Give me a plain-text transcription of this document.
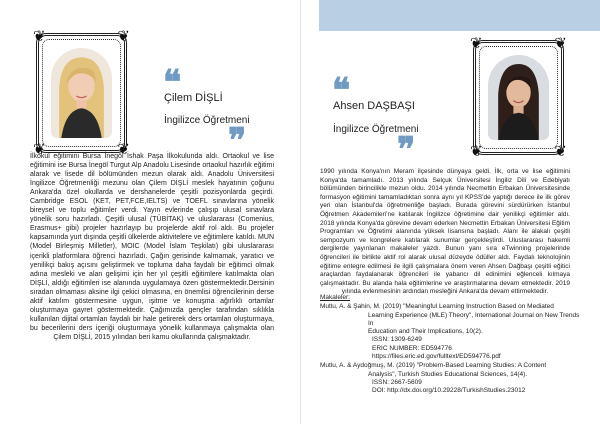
❦	❦
❦	❦
❝
Çilem DİŞLİ
İngilizce Öğretmeni
❞

İlkokul eğitimini Bursa İnegöl İshak Paşa İlkokulunda aldı. Ortaokul ve lise eğitimini ise Bursa İnegöl Turgut Alp Anadolu Lisesinde ortaokul hazırlık eğitimi alarak ve lisede dil bölümünden mezun olarak aldı. Anadolu Üniversitesi İngilizce Öğretmenliği mezunu olan Çilem DİŞLİ meslek hayatının çoğunu Ankara'da özel okullarda ve dershanelerde çeşitli pozisyonlarda geçirdi. Cambridge ESOL (KET, PET,FCE,IELTS) ve TOEFL sınavlarına yönelik bireysel ve toplu eğitimler verdi. Yayın evlerinde çalışıp ulusal sınavlara yönelik soru hazırladı. Çeşitli ulusal (TÜBİTAK) ve uluslararası (Comenius, Erasmus+ gibi) projeler hazırlayıp bu projelerde aktif rol aldı. Bu projeler kapsamında yurt dışında çeşitli ülkelerde aktivitelere ve eğitimlere katıldı. MUN (Model Birleşmiş Milletler), MOIC (Model İslam Teşkilatı) gibi uluslararası içerikli platformlara öğrenci hazırladı. Çağın gerisinde kalmamak, yaratıcı ve yenilikçi bakış açısını geliştirmek ve topluma daha faydalı bir eğitimci olmak adına mesleki ve alan gelişimi için her yıl çeşitli eğitimlere katılmakta olan DİŞLİ, aldığı eğitimleri ise alanında uygulamaya özen göstermektedir.Dersinin sıradan olmaması aksine ilgi çekici olmasına, en önemlisi öğrencilerinin derse aktif katılım göstermesine uygun, işitme ve konuşma ağırlıklı ortamlar oluşturmaya gayret göstermektedir. Çağımızda gençler tarafından sıklıkla kullanılan dijital ortamları faydalı bir hale getirerek ders ortamları oluşturmaya, bu becerilerini ders içeriği oluşturmaya yönelik kullanmaya çalışmakta olan Çilem DİŞLİ, 2015 yılından beri kamu okullarında çalışmaktadır.

❦	❦
❦	❦
❝
Ahsen DAŞBAŞI
İngilizce Öğretmeni
❞

1990 yılında Konya'nın Meram ilçesinde dünyaya geldi. İlk, orta ve lise eğitimini Konya'da tamamladı. 2013 yılında Selçuk Üniversitesi İngiliz Dili ve Edebiyatı bölümünden birincilikle mezun oldu. 2014 yılında Necmettin Erbakan Üniversitesinde formasyon eğitimini tamamladıktan sonra aynı yıl KPSS'de yaptığı derece ile ilk görev yeri olan İstanbul'da öğretmenliğe başladı. Burada görevini sürdürürken İstanbul Öğretmen Akademileri'ne katılarak İngilizce öğretimine dair yenilikçi eğitimler aldı. 2018 yılında Konya'da görevine devam ederken Necmettin Erbakan Üniversitesi Eğitim Programları ve Öğretimi alanında yüksek lisansına başladı. Alanı ile alakalı çeşitli sempozyum ve kongrelere katılarak sunumlar gerçekleştirdi. Uluslararası hakemli dergilerde yayınlanan makaleler yazdı. Bunun yanı sıra eTwinning projelerinde öğrencileri ile birlikte aktif rol alarak ulusal düzeyde ödüller aldı. Faydalı teknolojinin eğitime entegre edilmesi ile ilgili çalışmalara önem veren Ahsen Dağbaşı çeşitli eğitici araçlardan faydalanarak öğrencileri ile yabancı dil edinimini eğlenceli kılmaya çalışmaktadır. Bu alanda hala eğitimlerine ve araştırmalarına devam etmektedir. 2019 yılında evlenmesinin ardından mesleğini Ankara'da devam ettirmektedir.

Makaleler:
Mutlu, A. & Şahin, M. (2019) "Meaningful Learning Instruction Based on Mediated
Learning Experience (MLE) Theory", International Journal on New Trends In
Education and Their Implications, 10(2).
ISSN: 1309-6249
ERIC NUMBER: ED594776
https://files.eric.ed.gov/fulltext/ED594776.pdf
Mutlu, A. & Aydoğmuş, M. (2019) "Problem-Based Learning Studies: A Content
Analysis", Turkish Studies Educational Sciences, 14(4).
ISSN: 2667-5609
DOI: http://dx.doi.org/10.29228/TurkishStudies.23012
